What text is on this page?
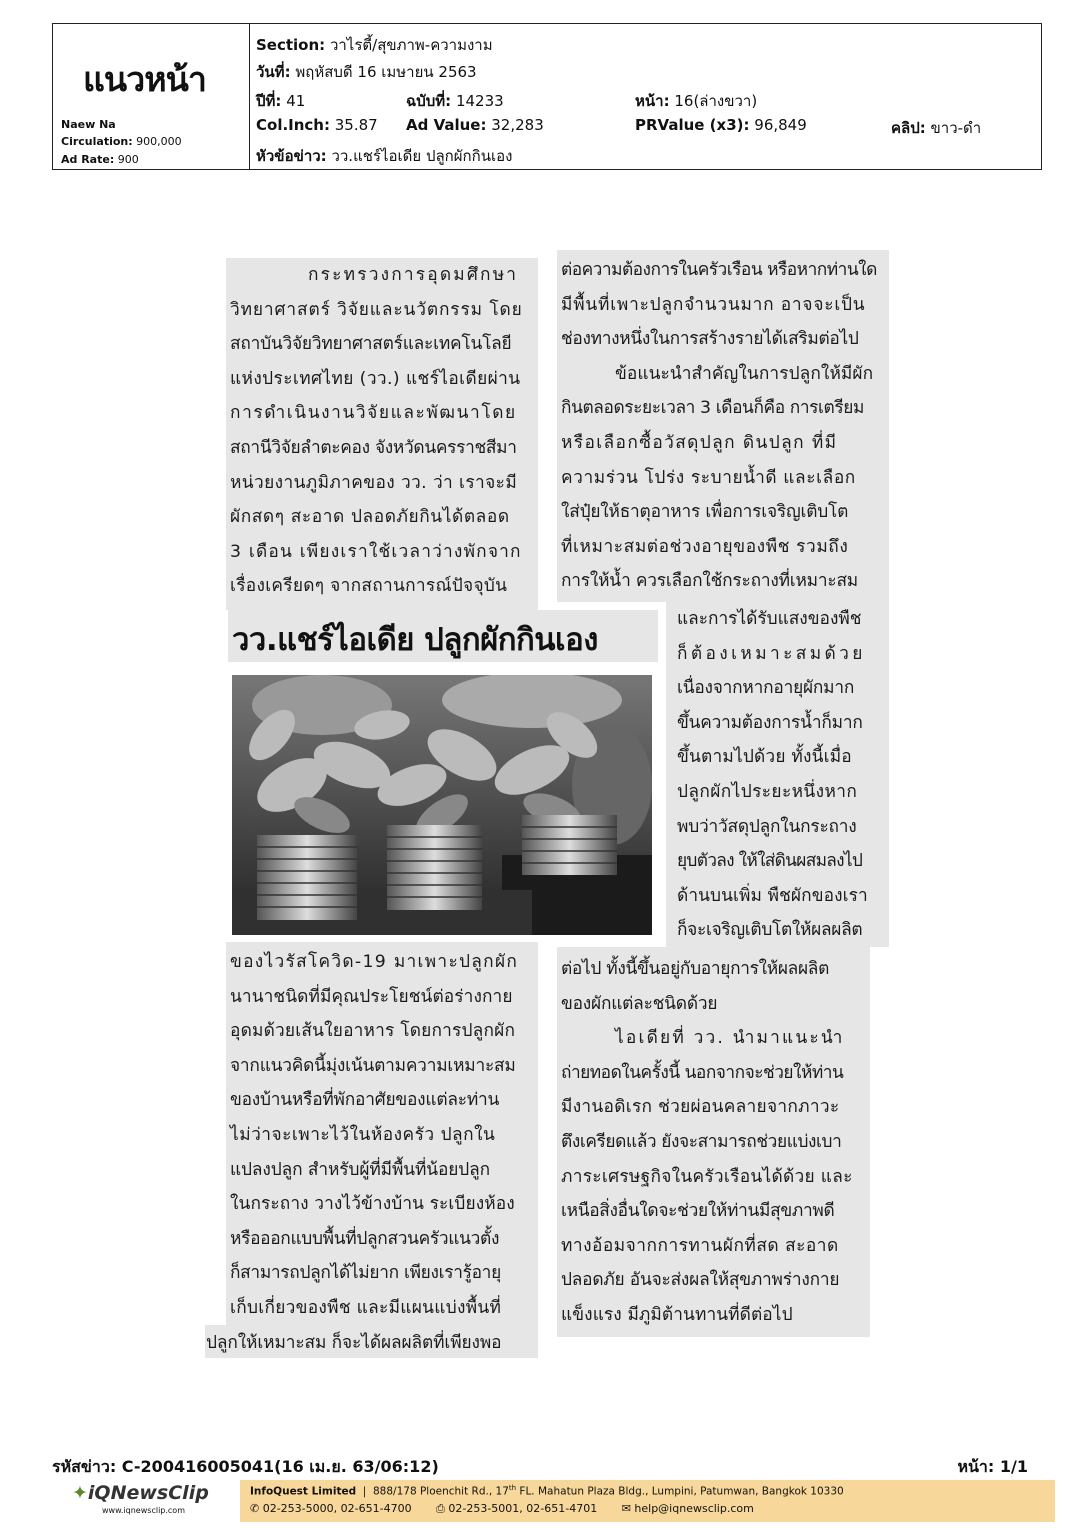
แนวหน้า
Naew Na
Circulation: 900,000
Ad Rate: 900
Section: วาไรตี้/สุขภาพ-ความงาม
วันที่: พฤหัสบดี 16 เมษายน 2563
ปีที่: 41	ฉบับที่: 14233	หน้า: 16(ล่างขวา)
Col.Inch: 35.87 Ad Value: 32,283	PRValue (x3): 96,849	คลิป: ขาว-ดำ
หัวข้อข่าว: วว.แชร์ไอเดีย ปลูกผักกินเอง
กระทรวงการอุดมศึกษา
วิทยาศาสตร์ วิจัยและนวัตกรรม โดย
สถาบันวิจัยวิทยาศาสตร์และเทคโนโลยี
แห่งประเทศไทย (วว.) แชร์ไอเดียผ่าน
การดำเนินงานวิจัยและพัฒนาโดย
สถานีวิจัยลำตะคอง จังหวัดนครราชสีมา
หน่วยงานภูมิภาคของ วว. ว่า เราจะมี
ผักสดๆ สะอาด ปลอดภัยกินได้ตลอด
3 เดือน เพียงเราใช้เวลาว่างพักจาก
เรื่องเครียดๆ จากสถานการณ์ปัจจุบัน
วว.แชร์ไอเดีย ปลูกผักกินเอง
ของไวรัสโควิด-19 มาเพาะปลูกผัก
นานาชนิดที่มีคุณประโยชน์ต่อร่างกาย
อุดมด้วยเส้นใยอาหาร โดยการปลูกผัก
จากแนวคิดนี้มุ่งเน้นตามความเหมาะสม
ของบ้านหรือที่พักอาศัยของแต่ละท่าน
ไม่ว่าจะเพาะไว้ในห้องครัว ปลูกใน
แปลงปลูก สำหรับผู้ที่มีพื้นที่น้อยปลูก
ในกระถาง วางไว้ข้างบ้าน ระเบียงห้อง
หรือออกแบบพื้นที่ปลูกสวนครัวแนวตั้ง
ก็สามารถปลูกได้ไม่ยาก เพียงเรารู้อายุ
เก็บเกี่ยวของพืช และมีแผนแบ่งพื้นที่
ปลูกให้เหมาะสม ก็จะได้ผลผลิตที่เพียงพอ
ต่อความต้องการในครัวเรือน หรือหากท่านใด
มีพื้นที่เพาะปลูกจำนวนมาก อาจจะเป็น
ช่องทางหนึ่งในการสร้างรายได้เสริมต่อไป
ข้อแนะนำสำคัญในการปลูกให้มีผัก
กินตลอดระยะเวลา 3 เดือนก็คือ การเตรียม
หรือเลือกซื้อวัสดุปลูก ดินปลูก ที่มี
ความร่วน โปร่ง ระบายน้ำดี และเลือก
ใส่ปุ๋ยให้ธาตุอาหาร เพื่อการเจริญเติบโต
ที่เหมาะสมต่อช่วงอายุของพืช รวมถึง
การให้น้ำ ควรเลือกใช้กระถางที่เหมาะสม
และการได้รับแสงของพืช
ก็ต้องเหมาะสมด้วย
เนื่องจากหากอายุผักมาก
ขึ้นความต้องการน้ำก็มาก
ขึ้นตามไปด้วย ทั้งนี้เมื่อ
ปลูกผักไประยะหนึ่งหาก
พบว่าวัสดุปลูกในกระถาง
ยุบตัวลง ให้ใส่ดินผสมลงไป
ด้านบนเพิ่ม พืชผักของเรา
ก็จะเจริญเติบโตให้ผลผลิต
ต่อไป ทั้งนี้ขึ้นอยู่กับอายุการให้ผลผลิต
ของผักแต่ละชนิดด้วย
ไอเดียที่ วว. นำมาแนะนำ
ถ่ายทอดในครั้งนี้ นอกจากจะช่วยให้ท่าน
มีงานอดิเรก ช่วยผ่อนคลายจากภาวะ
ตึงเครียดแล้ว ยังจะสามารถช่วยแบ่งเบา
ภาระเศรษฐกิจในครัวเรือนได้ด้วย และ
เหนือสิ่งอื่นใดจะช่วยให้ท่านมีสุขภาพดี
ทางอ้อมจากการทานผักที่สด สะอาด
ปลอดภัย อันจะส่งผลให้สุขภาพร่างกาย
แข็งแรง มีภูมิต้านทานที่ดีต่อไป
รหัสข่าว: C-200416005041(16 เม.ย. 63/06:12)	หน้า: 1/1
✦iQNewsClip
www.iqnewsclip.com
InfoQuest Limited  |  888/178 Ploenchit Rd., 17th FL. Mahatun Plaza Bldg., Lumpini, Patumwan, Bangkok 10330
✆ 02-253-5000, 02-651-4700 ⎙ 02-253-5001, 02-651-4701 ✉ help@iqnewsclip.com
